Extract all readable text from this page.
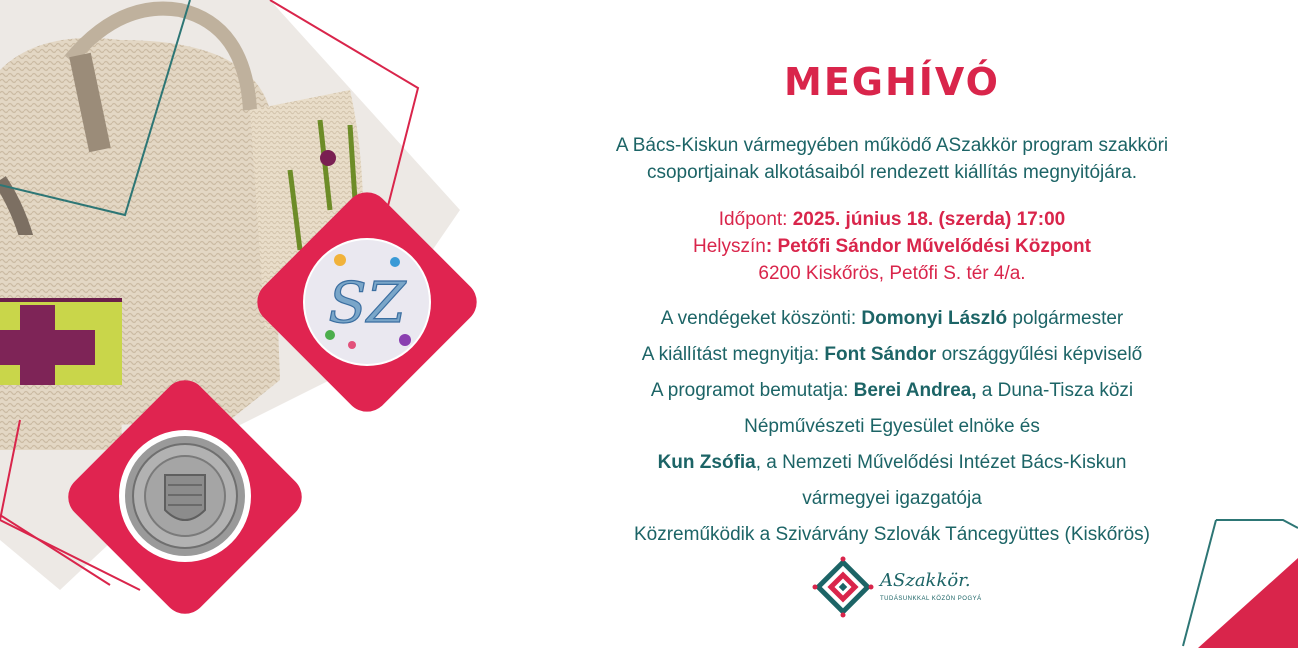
SZ
MEGHÍVÓ
A Bács-Kiskun vármegyében működő ASzakkör program szakköri
csoportjainak alkotásaiból rendezett kiállítás megnyitójára.
Időpont: 2025. június 18. (szerda) 17:00
Helyszín: Petőfi Sándor Művelődési Központ
6200 Kiskőrös, Petőfi S. tér 4/a.
A vendégeket köszönti: Domonyi László polgármester
A kiállítást megnyitja: Font Sándor országgyűlési képviselő
A programot bemutatja: Berei Andrea, a Duna-Tisza közi
Népművészeti Egyesület elnöke és
Kun Zsófia, a Nemzeti Művelődési Intézet Bács-Kiskun
vármegyei igazgatója
Közreműködik a Szivárvány Szlovák Táncegyüttes (Kiskőrös)
ASzakkör.
TUDÁSUNKKAL KÖZÖN POGYÁ
